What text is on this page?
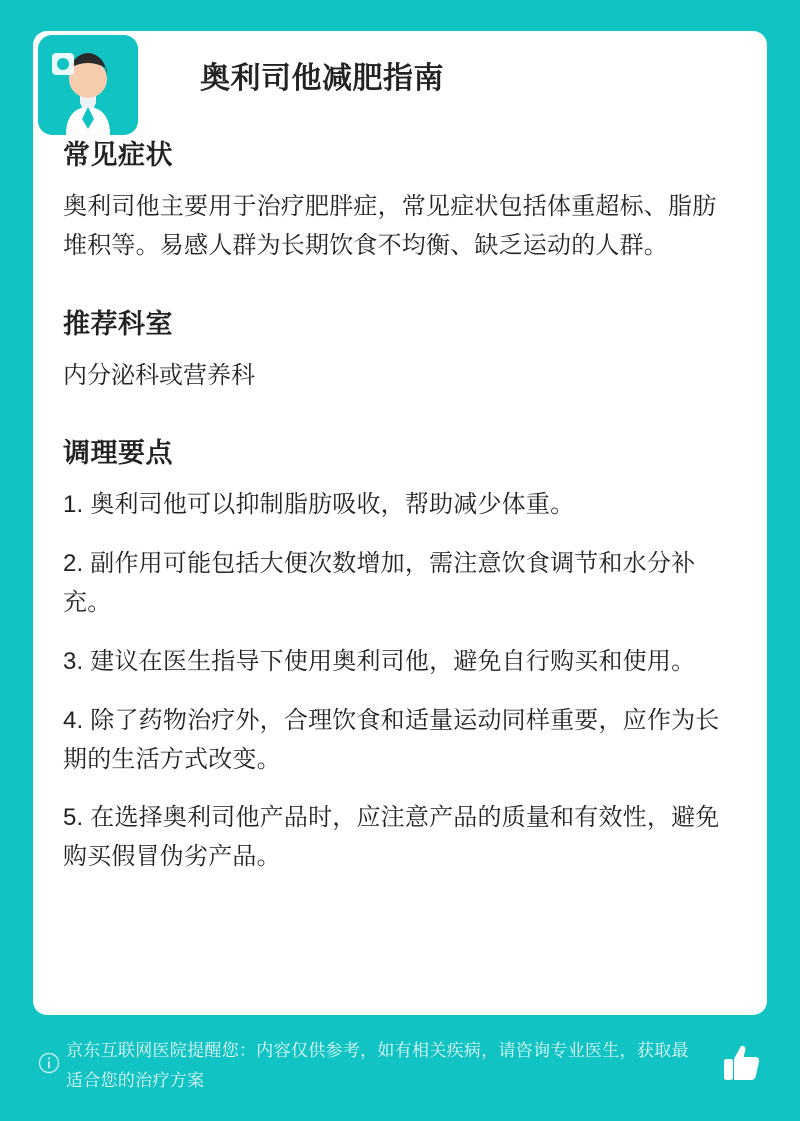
奥利司他减肥指南
常见症状

奥利司他主要用于治疗肥胖症，常见症状包括体重超标、脂肪堆积等。易感人群为长期饮食不均衡、缺乏运动的人群。

推荐科室

内分泌科或营养科

调理要点
1. 奥利司他可以抑制脂肪吸收，帮助减少体重。
2. 副作用可能包括大便次数增加，需注意饮食调节和水分补充。
3. 建议在医生指导下使用奥利司他，避免自行购买和使用。
4. 除了药物治疗外，合理饮食和适量运动同样重要，应作为长期的生活方式改变。
5. 在选择奥利司他产品时，应注意产品的质量和有效性，避免购买假冒伪劣产品。
京东互联网医院提醒您：内容仅供参考，如有相关疾病，请咨询专业医生，获取最适合您的治疗方案
